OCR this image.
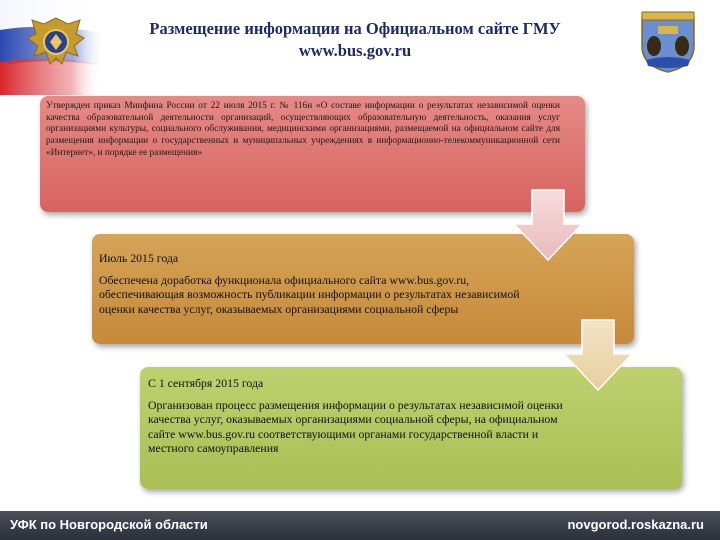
Размещение информации на Официальном сайте ГМУ
www.bus.gov.ru
Утвержден приказ Минфина России от 22 июля 2015 г. № 116н «О составе информации о результатах независимой оценки качества образовательной деятельности организаций, осуществляющих образовательную деятельность, оказания услуг организациями культуры, социального обслуживания, медицинскими организациями, размещаемой на официальном сайте для размещения информации о государственных и муниципальных учреждениях в информационно-телекоммуникационной сети «Интернет», и порядке ее размещения»

Июль 2015 года

Обеспечена доработка функционала официального сайта www.bus.gov.ru, обеспечивающая возможность публикации информации о результатах независимой оценки качества услуг, оказываемых организациями социальной сферы

С 1 сентября 2015 года

Организован процесс размещения информации о результатах независимой оценки качества услуг, оказываемых организациями социальной сферы, на официальном сайте www.bus.gov.ru соответствующими органами государственной власти и местного самоуправления

УФК по Новгородской области	novgorod.roskazna.ru
